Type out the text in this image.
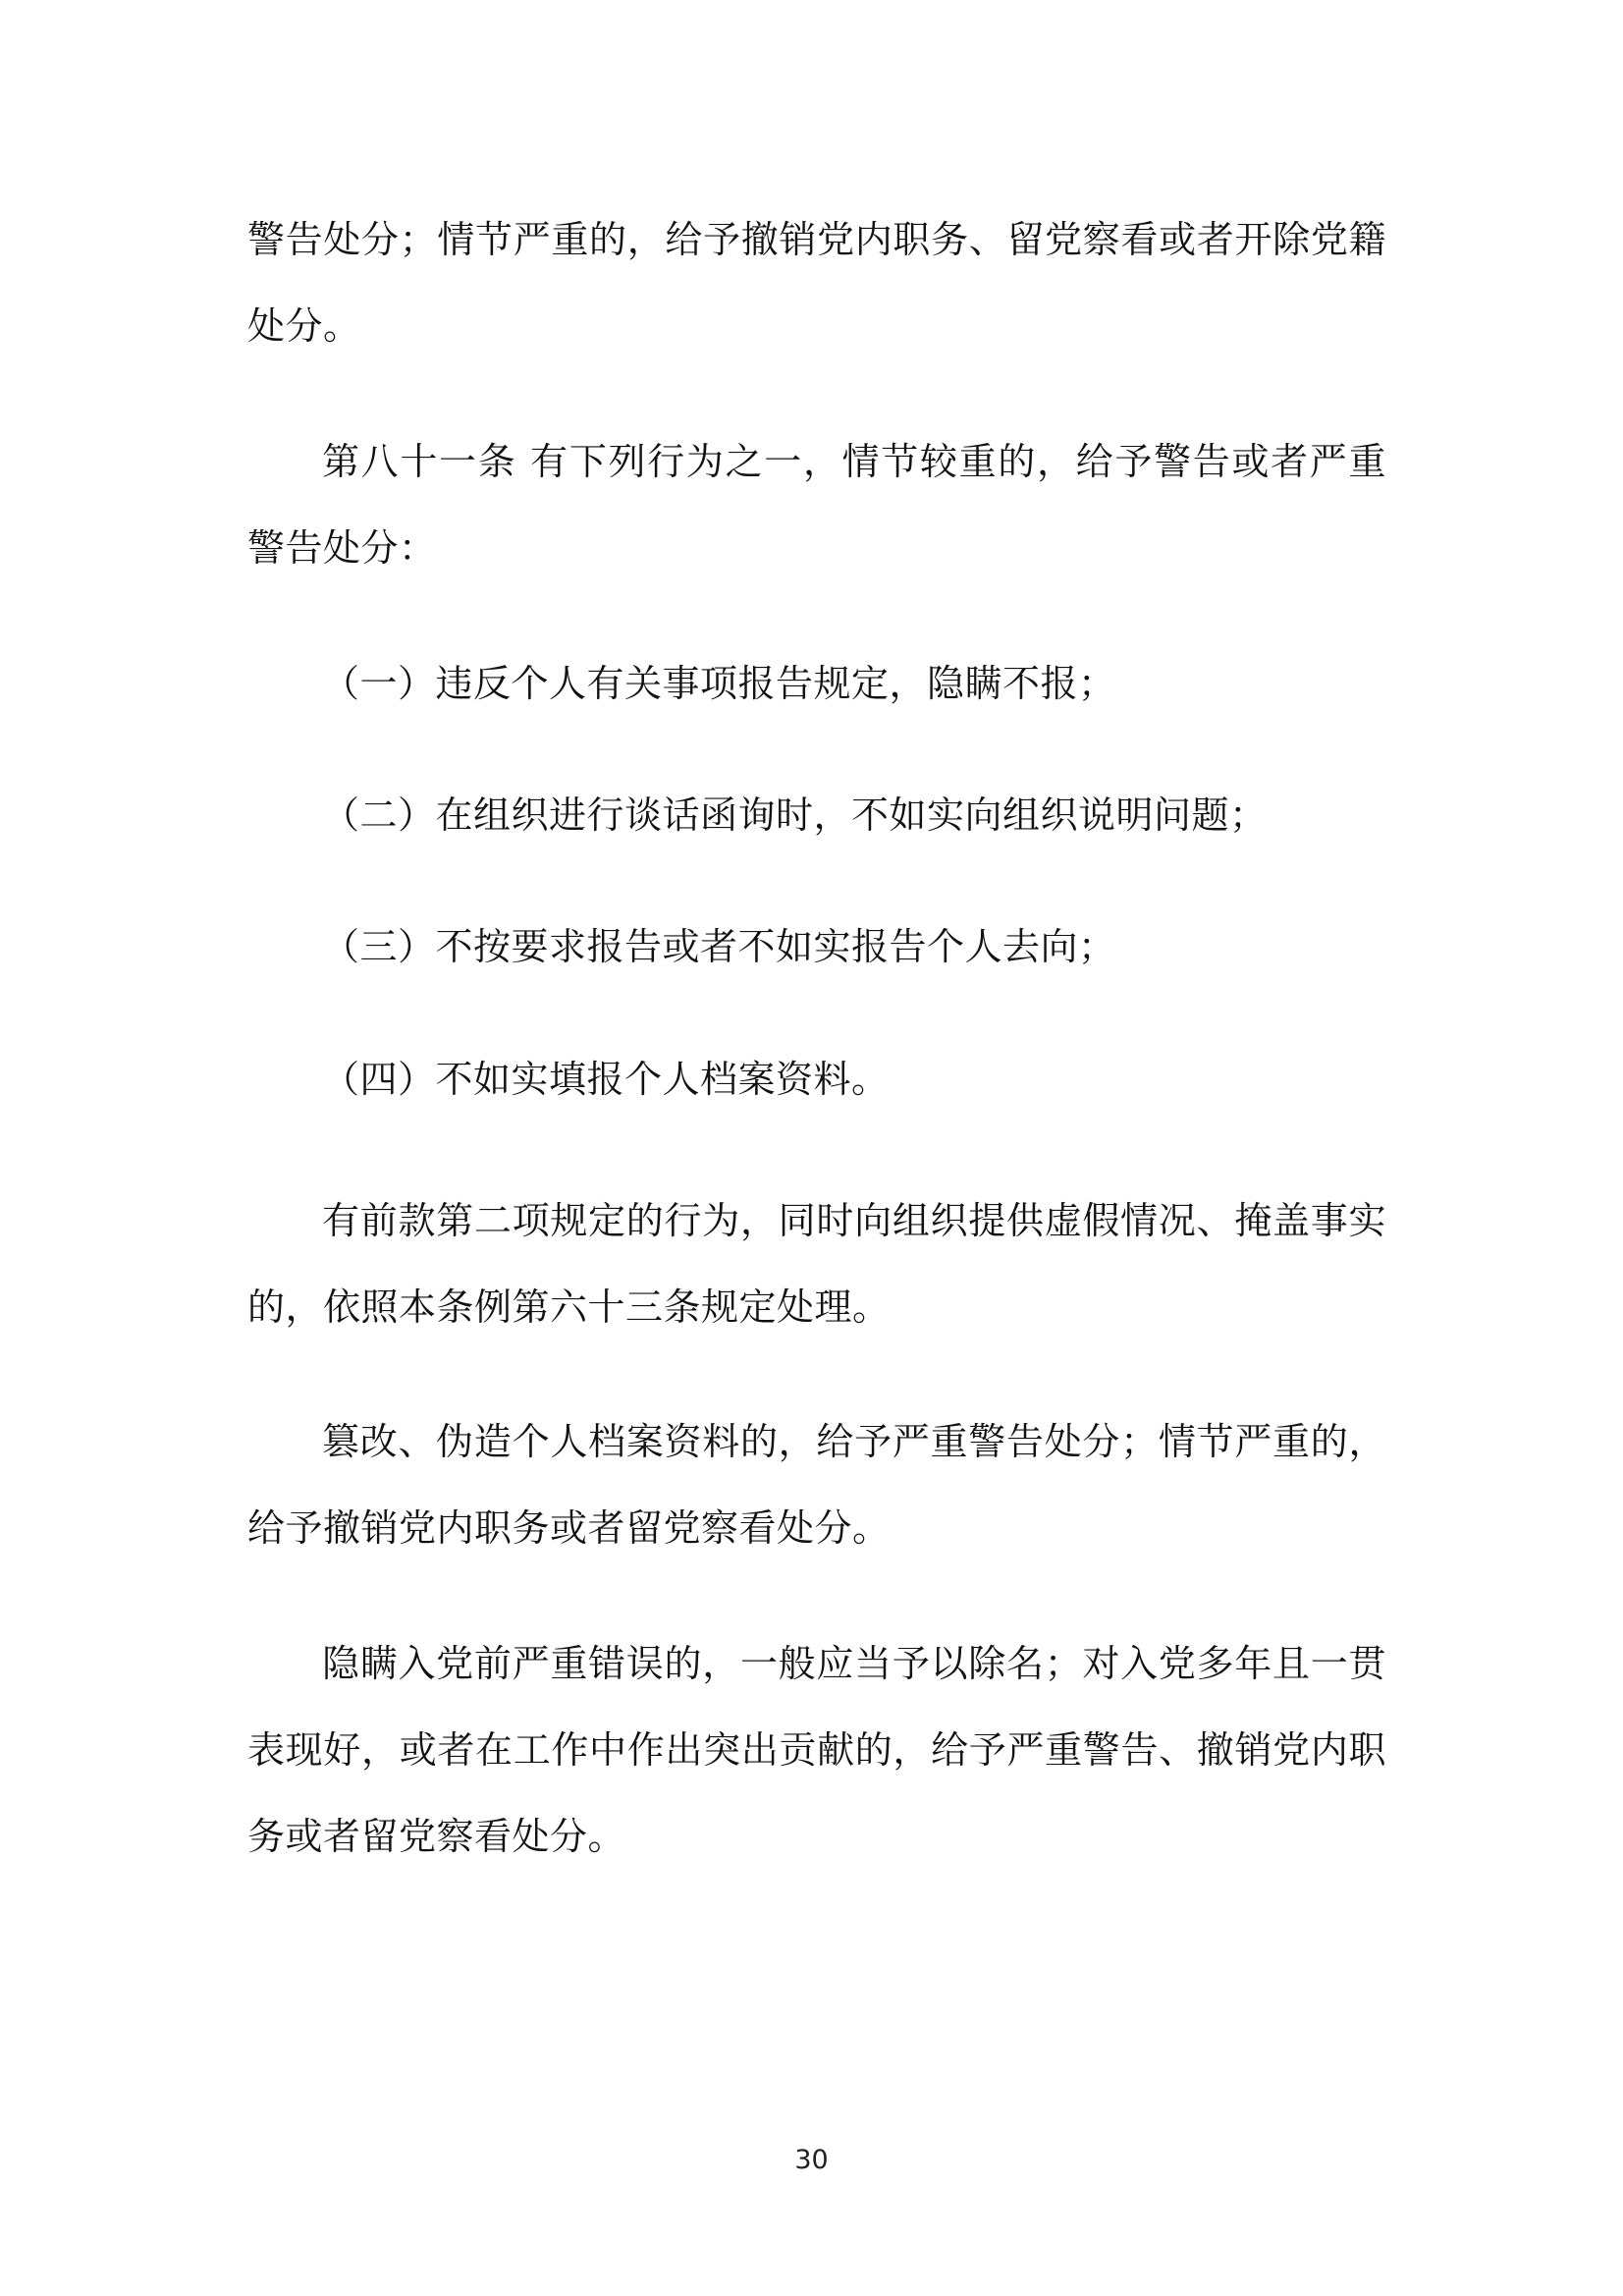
警告处分；情节严重的，给予撤销党内职务、留党察看或者开除党籍处分。

第八十一条 有下列行为之一，情节较重的，给予警告或者严重警告处分：

（一）违反个人有关事项报告规定，隐瞒不报；

（二）在组织进行谈话函询时，不如实向组织说明问题；

（三）不按要求报告或者不如实报告个人去向；

（四）不如实填报个人档案资料。

有前款第二项规定的行为，同时向组织提供虚假情况、掩盖事实的，依照本条例第六十三条规定处理。

篡改、伪造个人档案资料的，给予严重警告处分；情节严重的，给予撤销党内职务或者留党察看处分。

隐瞒入党前严重错误的，一般应当予以除名；对入党多年且一贯表现好，或者在工作中作出突出贡献的，给予严重警告、撤销党内职务或者留党察看处分。

30
